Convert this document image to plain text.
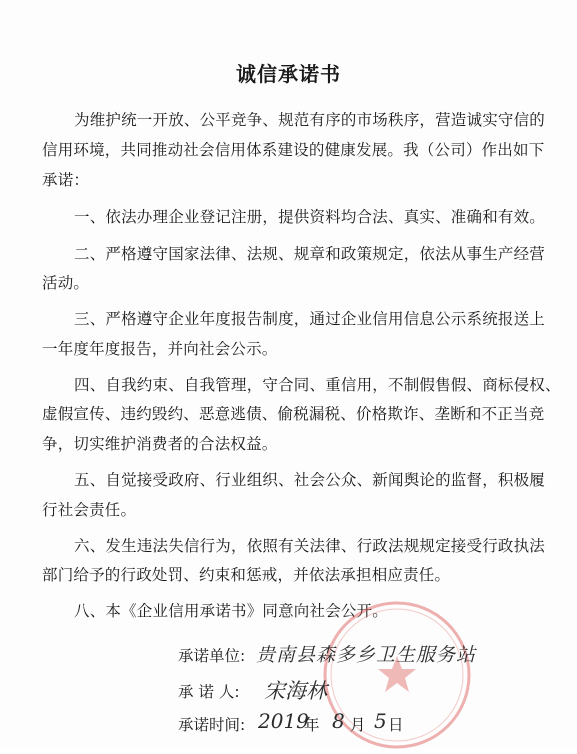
诚信承诺书
为维护统一开放、公平竞争、规范有序的市场秩序，营造诚实守信的
信用环境，共同推动社会信用体系建设的健康发展。我（公司）作出如下
承诺：
一、依法办理企业登记注册，提供资料均合法、真实、准确和有效。
二、严格遵守国家法律、法规、规章和政策规定，依法从事生产经营
活动。
三、严格遵守企业年度报告制度，通过企业信用信息公示系统报送上
一年度年度报告，并向社会公示。
四、自我约束、自我管理，守合同、重信用，不制假售假、商标侵权、
虚假宣传、违约毁约、恶意逃债、偷税漏税、价格欺诈、垄断和不正当竞
争，切实维护消费者的合法权益。
五、自觉接受政府、行业组织、社会公众、新闻舆论的监督，积极履
行社会责任。
六、发生违法失信行为，依照有关法律、行政法规规定接受行政执法
部门给予的行政处罚、约束和惩戒，并依法承担相应责任。
八、本《企业信用承诺书》同意向社会公开。
承诺单位: 贵南县森多乡卫生服务站
承 诺 人: 宋海林
承诺时间: 2019
年 8 月 5 日
